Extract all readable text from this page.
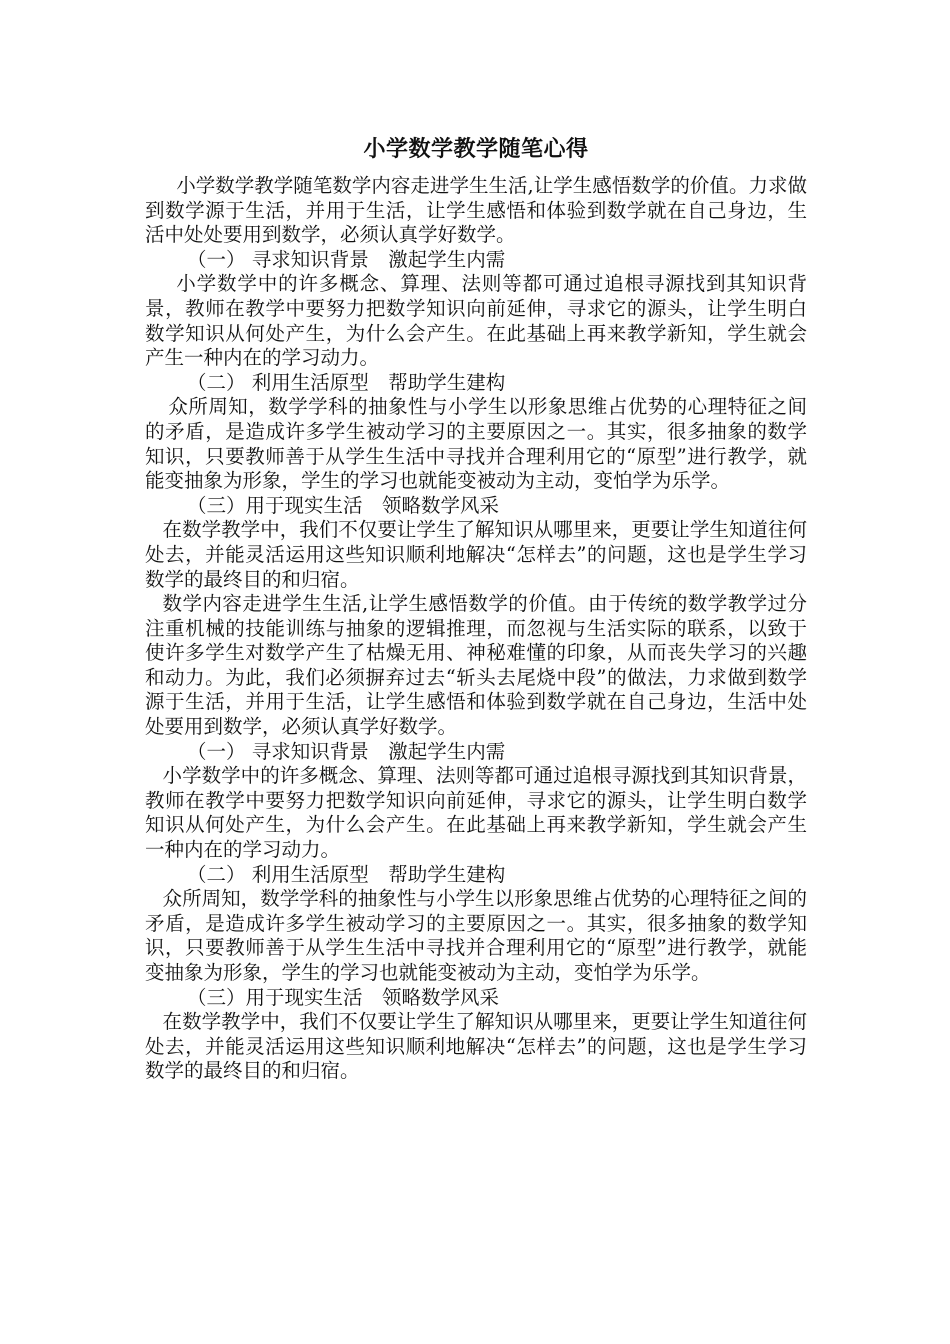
小学数学教学随笔心得

小学数学教学随笔数学内容走进学生生活,让学生感悟数学的价值。力求做到数学源于生活，并用于生活，让学生感悟和体验到数学就在自己身边，生活中处处要用到数学，必须认真学好数学。

（一） 寻求知识背景　激起学生内需

小学数学中的许多概念、算理、法则等都可通过追根寻源找到其知识背景，教师在教学中要努力把数学知识向前延伸，寻求它的源头，让学生明白数学知识从何处产生，为什么会产生。在此基础上再来教学新知，学生就会产生一种内在的学习动力。

（二） 利用生活原型　帮助学生建构

众所周知，数学学科的抽象性与小学生以形象思维占优势的心理特征之间的矛盾，是造成许多学生被动学习的主要原因之一。其实，很多抽象的数学知识，只要教师善于从学生生活中寻找并合理利用它的“原型”进行教学，就能变抽象为形象，学生的学习也就能变被动为主动，变怕学为乐学。

（三）用于现实生活　领略数学风采

在数学教学中，我们不仅要让学生了解知识从哪里来，更要让学生知道往何处去，并能灵活运用这些知识顺利地解决“怎样去”的问题，这也是学生学习数学的最终目的和归宿。

数学内容走进学生生活,让学生感悟数学的价值。由于传统的数学教学过分注重机械的技能训练与抽象的逻辑推理，而忽视与生活实际的联系，以致于使许多学生对数学产生了枯燥无用、神秘难懂的印象，从而丧失学习的兴趣和动力。为此，我们必须摒弃过去“斩头去尾烧中段”的做法，力求做到数学源于生活，并用于生活，让学生感悟和体验到数学就在自己身边，生活中处处要用到数学，必须认真学好数学。

（一） 寻求知识背景　激起学生内需

小学数学中的许多概念、算理、法则等都可通过追根寻源找到其知识背景，教师在教学中要努力把数学知识向前延伸，寻求它的源头，让学生明白数学知识从何处产生，为什么会产生。在此基础上再来教学新知，学生就会产生一种内在的学习动力。

（二） 利用生活原型　帮助学生建构

众所周知，数学学科的抽象性与小学生以形象思维占优势的心理特征之间的矛盾，是造成许多学生被动学习的主要原因之一。其实，很多抽象的数学知识，只要教师善于从学生生活中寻找并合理利用它的“原型”进行教学，就能变抽象为形象，学生的学习也就能变被动为主动，变怕学为乐学。

（三）用于现实生活　领略数学风采

在数学教学中，我们不仅要让学生了解知识从哪里来，更要让学生知道往何处去，并能灵活运用这些知识顺利地解决“怎样去”的问题，这也是学生学习数学的最终目的和归宿。
